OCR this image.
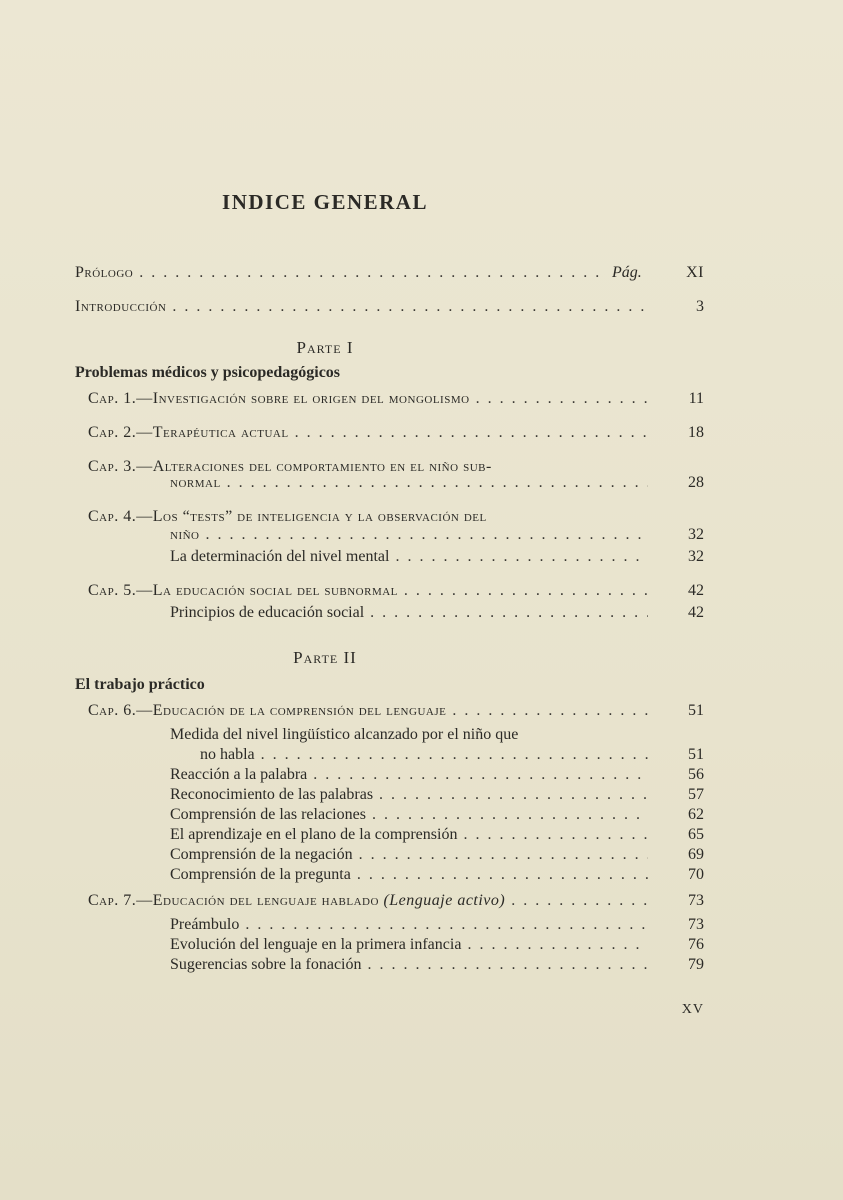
INDICE GENERAL
Prólogo . . .	Pág.	XI
Introducción . . .	3
Parte I
Problemas médicos y psicopedagógicos
Cap. 1.—Investigación sobre el origen del mongolismo . . .	11
Cap. 2.—Terapéutica actual . . .	18
Cap. 3.—Alteraciones del comportamiento en el niño sub-
normal . . .	28
Cap. 4.—Los “tests” de inteligencia y la observación del
niño . . .	32
La determinación del nivel mental . . .	32
Cap. 5.—La educación social del subnormal . . .	42
Principios de educación social . . .	42
Parte II
El trabajo práctico
Cap. 6.—Educación de la comprensión del lenguaje . . .	51
Medida del nivel lingüístico alcanzado por el niño que
no habla . . .	51
Reacción a la palabra . . .	56
Reconocimiento de las palabras . . .	57
Comprensión de las relaciones . . .	62
El aprendizaje en el plano de la comprensión . . .	65
Comprensión de la negación . . .	69
Comprensión de la pregunta . . .	70
Cap. 7.—Educación del lenguaje hablado (Lenguaje activo) . . .	73
Preámbulo . . .	73
Evolución del lenguaje en la primera infancia . . .	76
Sugerencias sobre la fonación . . .	79
XV
